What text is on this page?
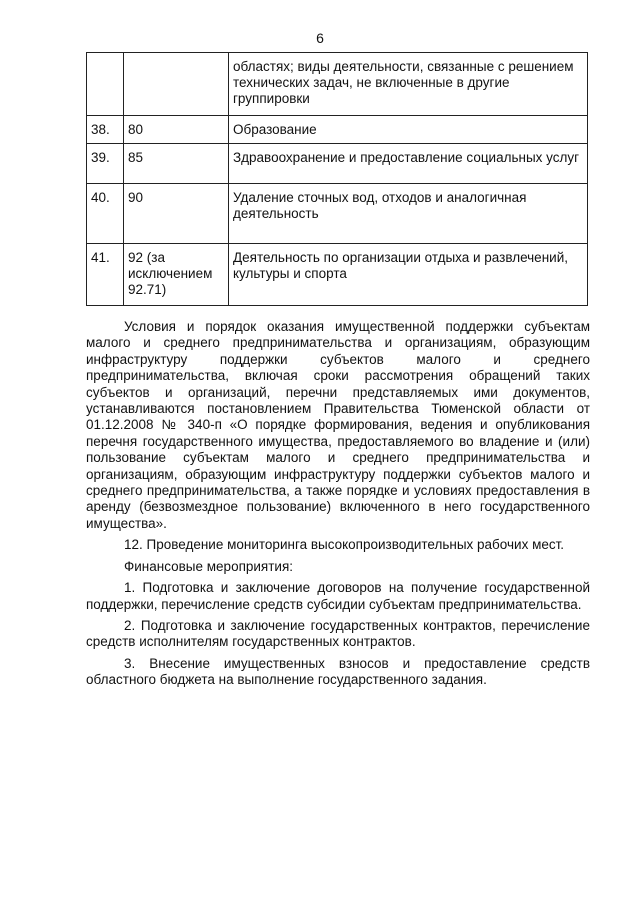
6
		областях; виды деятельности, связанные с решением технических задач, не включенные в другие группировки
38.	80	Образование
39.	85	Здравоохранение и предоставление социальных услуг
40.	90	Удаление сточных вод, отходов и аналогичная деятельность
41.	92 (за исключением 92.71)	Деятельность по организации отдыха и развлечений, культуры и спорта

Условия и порядок оказания имущественной поддержки субъектам малого и среднего предпринимательства и организациям, образующим инфраструктуру поддержки субъектов малого и среднего предпринимательства, включая сроки рассмотрения обращений таких субъектов и организаций, перечни представляемых ими документов, устанавливаются постановлением Правительства Тюменской области от 01.12.2008 № 340-п «О порядке формирования, ведения и опубликования перечня государственного имущества, предоставляемого во владение и (или) пользование субъектам малого и среднего предпринимательства и организациям, образующим инфраструктуру поддержки субъектов малого и среднего предпринимательства, а также порядке и условиях предоставления в аренду (безвозмездное пользование) включенного в него государственного имущества».

12. Проведение мониторинга высокопроизводительных рабочих мест.

Финансовые мероприятия:

1. Подготовка и заключение договоров на получение государственной поддержки, перечисление средств субсидии субъектам предпринимательства.

2. Подготовка и заключение государственных контрактов, перечисление средств исполнителям государственных контрактов.

3. Внесение имущественных взносов и предоставление средств областного бюджета на выполнение государственного задания.
